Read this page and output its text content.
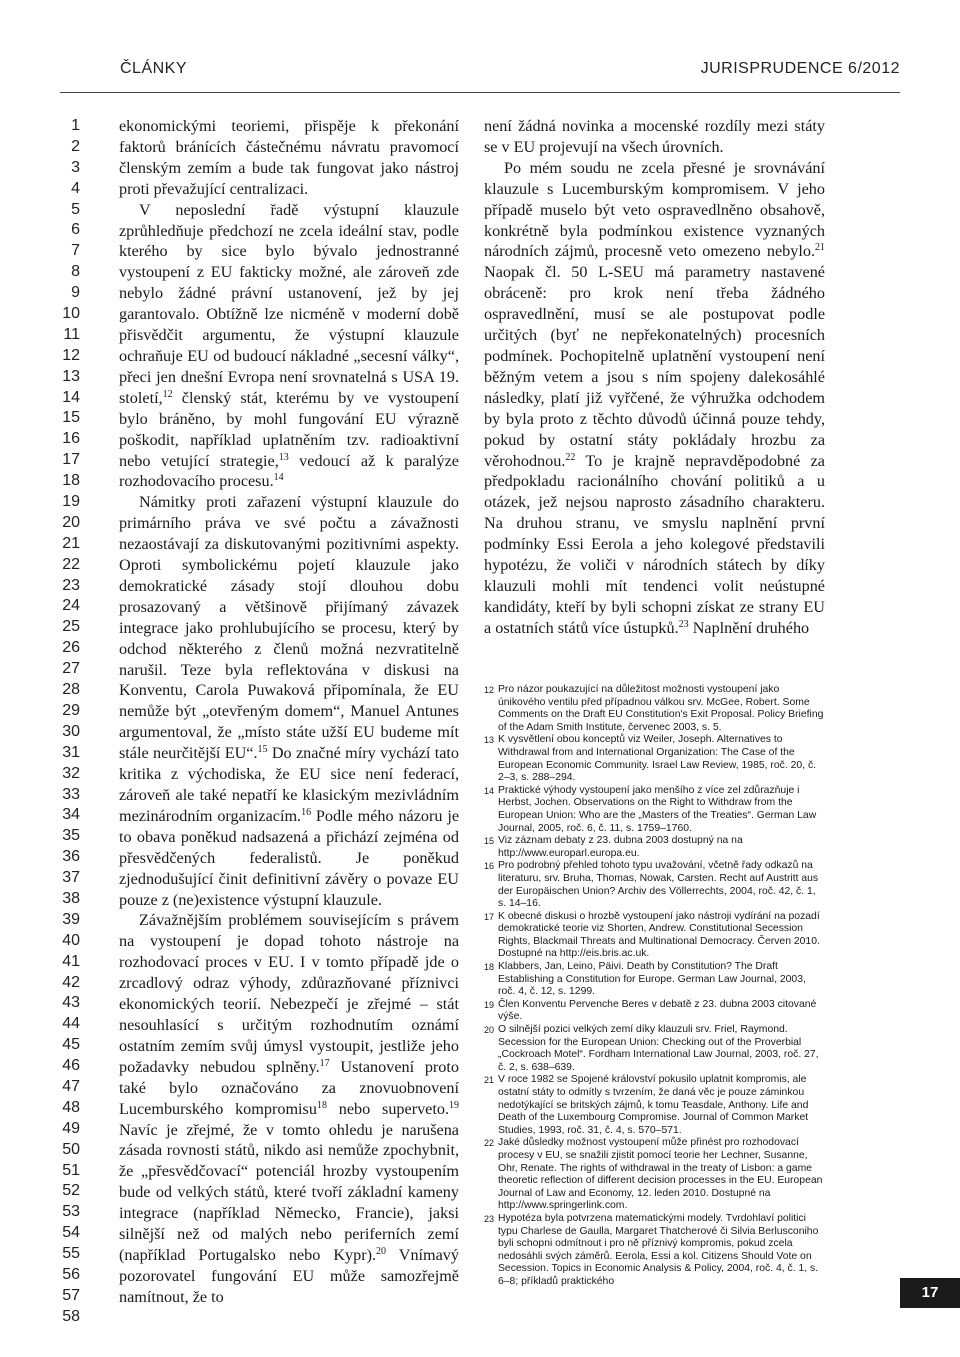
ČLÁNKY	JURISPRUDENCE 6/2012
1
2
3
4
5
6
7
8
9
10
11
12
13
14
15
16
17
18
19
20
21
22
23
24
25
26
27
28
29
30
31
32
33
34
35
36
37
38
39
40
41
42
43
44
45
46
47
48
49
50
51
52
53
54
55
56
57
58

ekonomickými teoriemi, přispěje k překonání faktorů bránících částečnému návratu pravomocí členským zemím a bude tak fungovat jako nástroj proti převažující centralizaci.

V neposlední řadě výstupní klauzule zprůhledňuje předchozí ne zcela ideální stav, podle kterého by sice bylo bývalo jednostranné vystoupení z EU fakticky možné, ale zároveň zde nebylo žádné právní ustanovení, jež by jej garantovalo. Obtížně lze nicméně v moderní době přisvědčit argumentu, že výstupní klauzule ochraňuje EU od budoucí nákladné „secesní války“, přeci jen dnešní Evropa není srovnatelná s USA 19. století,$^{12}$ členský stát, kterému by ve vystoupení bylo bráněno, by mohl fungování EU výrazně poškodit, například uplatněním tzv. radioaktivní nebo vetující strategie,$^{13}$ vedoucí až k paralýze rozhodovacího procesu.$^{14}$

Námitky proti zařazení výstupní klauzule do primárního práva ve své počtu a závažnosti nezaostávají za diskutovanými pozitivními aspekty. Oproti symbolickému pojetí klauzule jako demokratické zásady stojí dlouhou dobu prosazovaný a většinově přijímaný závazek integrace jako prohlubujícího se procesu, který by odchod některého z členů možná nezvratitelně narušil. Teze byla reflektována v diskusi na Konventu, Carola Puwaková připomínala, že EU nemůže být „otevřeným domem“, Manuel Antunes argumentoval, že „místo státe užší EU budeme mít stále neurčitější EU“.$^{15}$ Do značné míry vychází tato kritika z východiska, že EU sice není federací, zároveň ale také nepatří ke klasickým mezivládním mezinárodním organizacím.$^{16}$ Podle mého názoru je to obava poněkud nadsazená a přichází zejména od přesvědčených federalistů. Je poněkud zjednodušující činit definitivní závěry o povaze EU pouze z (ne)existence výstupní klauzule.

Závažnějším problémem souvisejícím s právem na vystoupení je dopad tohoto nástroje na rozhodovací proces v EU. I v tomto případě jde o zrcadlový odraz výhody, zdůrazňované příznivci ekonomických teorií. Nebezpečí je zřejmé – stát nesouhlasící s určitým rozhodnutím oznámí ostatním zemím svůj úmysl vystoupit, jestliže jeho požadavky nebudou splněny.$^{17}$ Ustanovení proto také bylo označováno za znovuobnovení Lucemburského kompromisu$^{18}$ nebo superveto.$^{19}$ Navíc je zřejmé, že v tomto ohledu je narušena zásada rovnosti států, nikdo asi nemůže zpochybnit, že „přesvědčovací“ potenciál hrozby vystoupením bude od velkých států, které tvoří základní kameny integrace (například Německo, Francie), jaksi silnější než od malých nebo periferních zemí (například Portugalsko nebo Kypr).$^{20}$ Vnímavý pozorovatel fungování EU může samozřejmě namítnout, že to

není žádná novinka a mocenské rozdíly mezi státy se v EU projevují na všech úrovních.

Po mém soudu ne zcela přesné je srovnávání klauzule s Lucemburským kompromisem. V jeho případě muselo být veto ospravedlněno obsahově, konkrétně byla podmínkou existence vyznaných národních zájmů, procesně veto omezeno nebylo.$^{21}$ Naopak čl. 50 L-SEU má parametry nastavené obráceně: pro krok není třeba žádného ospravedlnění, musí se ale postupovat podle určitých (byť ne nepřekonatelných) procesních podmínek. Pochopitelně uplatnění vystoupení není běžným vetem a jsou s ním spojeny dalekosáhlé následky, platí již vyřčené, že výhružka odchodem by byla proto z těchto důvodů účinná pouze tehdy, pokud by ostatní státy pokládaly hrozbu za věrohodnou.$^{22}$ To je krajně nepravděpodobné za předpokladu racionálního chování politiků a u otázek, jež nejsou naprosto zásadního charakteru. Na druhou stranu, ve smyslu naplnění první podmínky Essi Eerola a jeho kolegové představili hypotézu, že voliči v národních státech by díky klauzuli mohli mít tendenci volit neústupné kandidáty, kteří by byli schopni získat ze strany EU a ostatních států více ústupků.$^{23}$ Naplnění druhého

12 Pro názor poukazující na důležitost možnosti vystoupení jako únikového ventilu před případnou válkou srv. McGee, Robert. Some Comments on the Draft EU Constitution's Exit Proposal. Policy Briefing of the Adam Smith Institute, červenec 2003, s. 5.
13 K vysvětlení obou konceptů viz Weiler, Joseph. Alternatives to Withdrawal from and International Organization: The Case of the European Economic Community. Israel Law Review, 1985, roč. 20, č. 2–3, s. 288–294.
14 Praktické výhody vystoupení jako menšího z více zel zdůrazňuje i Herbst, Jochen. Observations on the Right to Withdraw from the European Union: Who are the „Masters of the Treaties“. German Law Journal, 2005, roč. 6, č. 11, s. 1759–1760.
15 Viz záznam debaty z 23. dubna 2003 dostupný na na http://www.europarl.europa.eu.
16 Pro podrobný přehled tohoto typu uvažování, včetně řady odkazů na literaturu, srv. Bruha, Thomas, Nowak, Carsten. Recht auf Austritt aus der Europäischen Union? Archiv des Völlerrechts, 2004, roč. 42, č. 1, s. 14–16.
17 K obecné diskusi o hrozbě vystoupení jako nástroji vydírání na pozadí demokratické teorie viz Shorten, Andrew. Constitutional Secession Rights, Blackmail Threats and Multinational Democracy. Červen 2010. Dostupné na http://eis.bris.ac.uk.
18 Klabbers, Jan, Leino, Päivi. Death by Constitution? The Draft Establishing a Constitution for Europe. German Law Journal, 2003, roč. 4, č. 12, s. 1299.
19 Člen Konventu Pervenche Beres v debatě z 23. dubna 2003 citované výše.
20 O silnější pozici velkých zemí díky klauzuli srv. Friel, Raymond. Secession for the European Union: Checking out of the Proverbial „Cockroach Motel“. Fordham International Law Journal, 2003, roč. 27, č. 2, s. 638–639.
21 V roce 1982 se Spojené království pokusilo uplatnit kompromis, ale ostatní státy to odmítly s tvrzením, že daná věc je pouze záminkou nedotýkající se britských zájmů, k tomu Teasdale, Anthony. Life and Death of the Luxembourg Compromise. Journal of Common Market Studies, 1993, roč. 31, č. 4, s. 570–571.
22 Jaké důsledky možnost vystoupení může přinést pro rozhodovací procesy v EU, se snažili zjistit pomocí teorie her Lechner, Susanne, Ohr, Renate. The rights of withdrawal in the treaty of Lisbon: a game theoretic reflection of different decision processes in the EU. European Journal of Law and Economy, 12. leden 2010. Dostupné na http://www.springerlink.com.
23 Hypotéza byla potvrzena matematickými modely. Tvrdohlaví politici typu Charlese de Gaulla, Margaret Thatcherové či Silvia Berlusconiho byli schopni odmítnout i pro ně příznivý kompromis, pokud zcela nedosáhli svých záměrů. Eerola, Essi a kol. Citizens Should Vote on Secession. Topics in Economic Analysis & Policy, 2004, roč. 4, č. 1, s. 6–8; příkladů praktického
17
